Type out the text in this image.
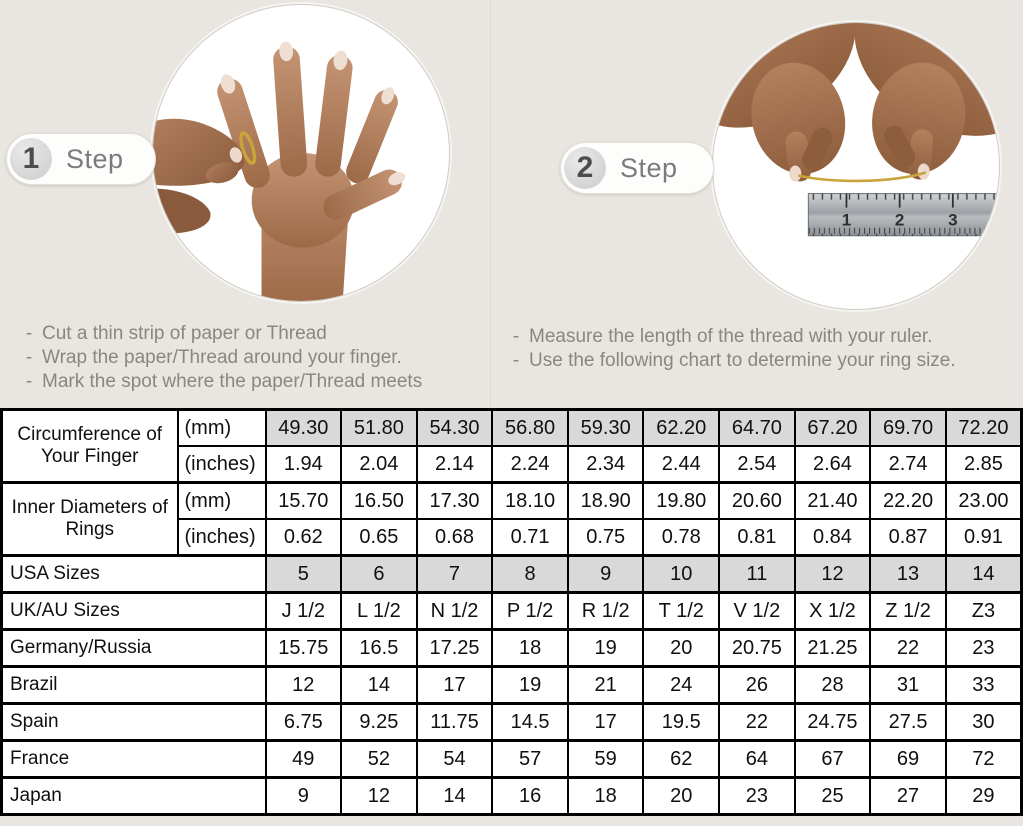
1	2	3
1 Step	2 Step
- Cut a thin strip of paper or Thread
- Wrap the paper/Thread around your finger.
- Mark the spot where the paper/Thread meets
- Measure the length of the thread with your ruler.
- Use the following chart to determine your ring size.
Circumference of Your Finger	(mm)	49.30	51.80	54.30	56.80	59.30	62.20	64.70	67.20	69.70	72.20
	(inches)	1.94	2.04	2.14	2.24	2.34	2.44	2.54	2.64	2.74	2.85
Inner Diameters of Rings	(mm)	15.70	16.50	17.30	18.10	18.90	19.80	20.60	21.40	22.20	23.00
	(inches)	0.62	0.65	0.68	0.71	0.75	0.78	0.81	0.84	0.87	0.91
USA Sizes		5	6	7	8	9	10	11	12	13	14
UK/AU Sizes		J 1/2	L 1/2	N 1/2	P 1/2	R 1/2	T 1/2	V 1/2	X 1/2	Z 1/2	Z3
Germany/Russia		15.75	16.5	17.25	18	19	20	20.75	21.25	22	23
Brazil		12	14	17	19	21	24	26	28	31	33
Spain		6.75	9.25	11.75	14.5	17	19.5	22	24.75	27.5	30
France		49	52	54	57	59	62	64	67	69	72
Japan		9	12	14	16	18	20	23	25	27	29
